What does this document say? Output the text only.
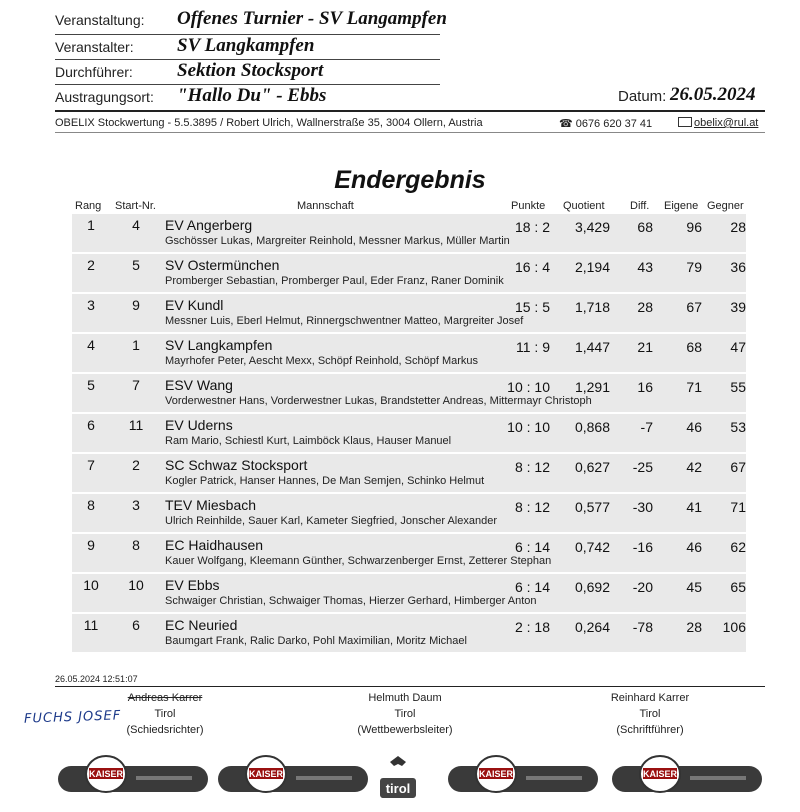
Veranstaltung: Offenes Turnier - SV Langampfen
Veranstalter: SV Langkampfen
Durchführer: Sektion Stocksport
Austragungsort: "Hallo Du" - Ebbs	Datum: 26.05.2024
OBELIX Stockwertung - 5.5.3895 / Robert Ulrich, Wallnerstraße 35, 3004 Ollern, Austria	☎ 0676 620 37 41	obelix@rul.at
Endergebnis
Rang Start-Nr.	Mannschaft	Punkte Quotient Diff. Eigene Gegner
1	4	EV Angerberg	18 : 2	3,429	68	96	28
Gschösser Lukas, Margreiter Reinhold, Messner Markus, Müller Martin
2	5	SV Ostermünchen	16 : 4	2,194	43	79	36
Promberger Sebastian, Promberger Paul, Eder Franz, Raner Dominik
3	9	EV Kundl	15 : 5	1,718	28	67	39
Messner Luis, Eberl Helmut, Rinnergschwentner Matteo, Margreiter Josef
4	1	SV Langkampfen	11 : 9	1,447	21	68	47
Mayrhofer Peter, Aescht Mexx, Schöpf Reinhold, Schöpf Markus
5	7	ESV Wang	10 : 10	1,291	16	71	55
Vorderwestner Hans, Vorderwestner Lukas, Brandstetter Andreas, Mittermayr Christoph
6	11	EV Uderns	10 : 10	0,868	-7	46	53
Ram Mario, Schiestl Kurt, Laimböck Klaus, Hauser Manuel
7	2	SC Schwaz Stocksport	8 : 12	0,627	-25	42	67
Kogler Patrick, Hanser Hannes, De Man Semjen, Schinko Helmut
8	3	TEV Miesbach	8 : 12	0,577	-30	41	71
Ulrich Reinhilde, Sauer Karl, Kameter Siegfried, Jonscher Alexander
9	8	EC Haidhausen	6 : 14	0,742	-16	46	62
Kauer Wolfgang, Kleemann Günther, Schwarzenberger Ernst, Zetterer Stephan
10	10	EV Ebbs	6 : 14	0,692	-20	45	65
Schwaiger Christian, Schwaiger Thomas, Hierzer Gerhard, Himberger Anton
11	6	EC Neuried	2 : 18	0,264	-78	28	106
Baumgart Frank, Ralic Darko, Pohl Maximilian, Moritz Michael
26.05.2024 12:51:07
Andreas Karrer
Tirol
(Schiedsrichter)
Helmuth Daum
Tirol
(Wettbewerbsleiter)
Reinhard Karrer
Tirol
(Schriftführer)
FUCHS JOSEF
KAISER	KAISER
tirol
KAISER	KAISER
